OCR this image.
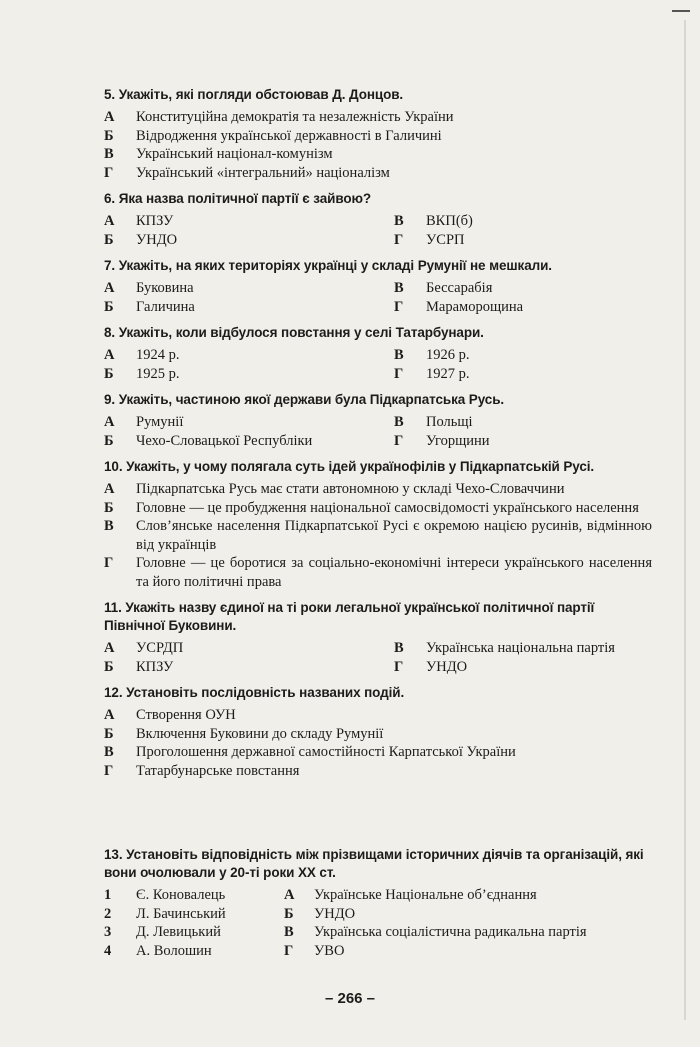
5. Укажіть, які погляди обстоював Д. Донцов.
А	Конституційна демократія та незалежність України
Б	Відродження української державності в Галичині
В	Український націонал-комунізм
Г	Український «інтегральний» націоналізм
6. Яка назва політичної партії є зайвою?
А	КПЗУ	В	ВКП(б)
Б	УНДО	Г	УСРП
7. Укажіть, на яких територіях українці у складі Румунії не мешкали.
А	Буковина	В	Бессарабія
Б	Галичина	Г	Мараморощина
8. Укажіть, коли відбулося повстання у селі Татарбунари.
А	1924 р.	В	1926 р.
Б	1925 р.	Г	1927 р.
9. Укажіть, частиною якої держави була Підкарпатська Русь.
А	Румунії	В	Польщі
Б	Чехо-Словацької Республіки	Г	Угорщини
10. Укажіть, у чому полягала суть ідей українофілів у Підкарпатській Русі.
А	Підкарпатська Русь має стати автономною у складі Чехо-Словаччини
Б	Головне — це пробудження національної самосвідомості українського населення
В	Слов’янське населення Підкарпатської Русі є окремою нацією русинів, відмінною від українців
Г	Головне — це боротися за соціально-економічні інтереси українського населення та його політичні права
11. Укажіть назву єдиної на ті роки легальної української політичної партії Північної Буковини.
А	УСРДП	В	Українська національна партія
Б	КПЗУ	Г	УНДО
12. Установіть послідовність названих подій.
А	Створення ОУН
Б	Включення Буковини до складу Румунії
В	Проголошення державної самостійності Карпатської України
Г	Татарбунарське повстання
13. Установіть відповідність між прізвищами історичних діячів та організацій, які вони очолювали у 20-ті роки XX ст.
1	Є. Коновалець	А	Українське Національне об’єднання
2	Л. Бачинський	Б	УНДО
3	Д. Левицький	В	Українська соціалістична радикальна партія
4	А. Волошин	Г	УВО
– 266 –
